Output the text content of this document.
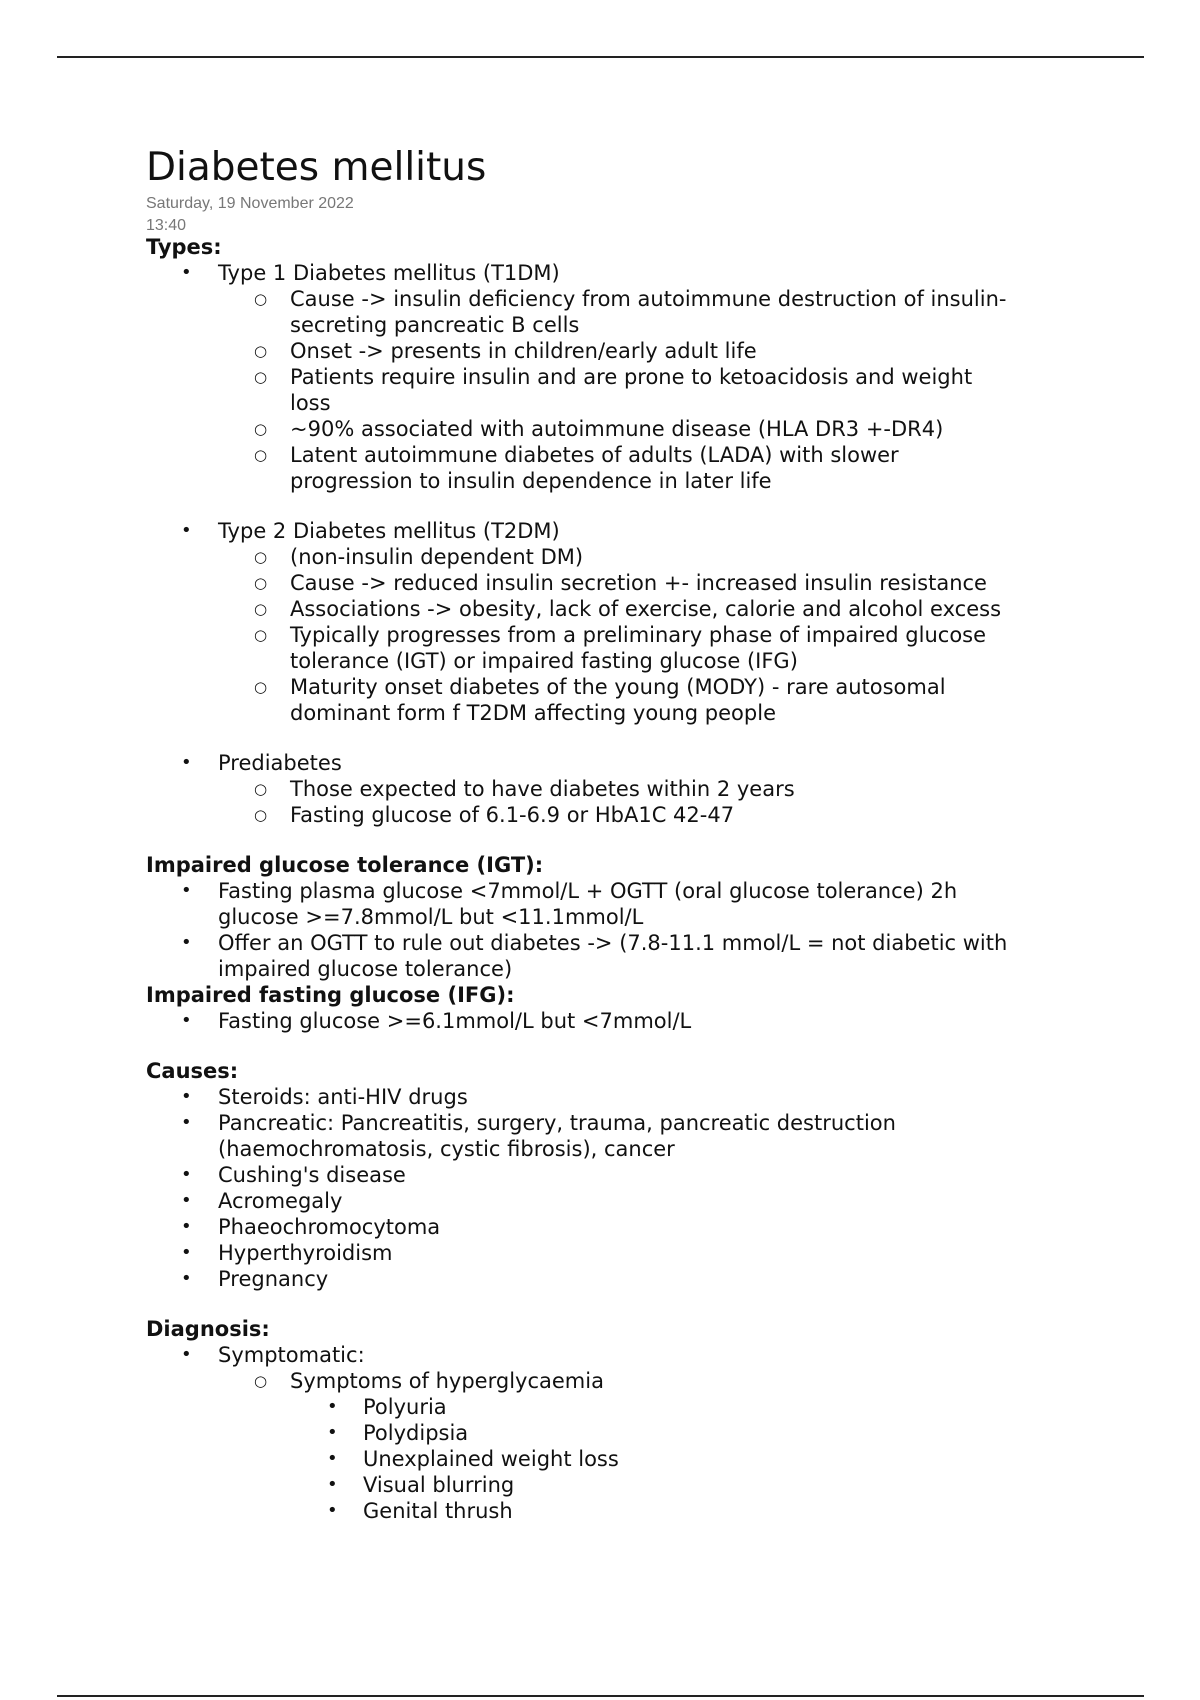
Diabetes mellitus

Saturday, 19 November 2022

13:40

Types:

• Type 1 Diabetes mellitus (T1DM)
○ Cause -> insulin deficiency from autoimmune destruction of insulin-
secreting pancreatic B cells
○ Onset -> presents in children/early adult life
○ Patients require insulin and are prone to ketoacidosis and weight
loss
○ ~90% associated with autoimmune disease (HLA DR3 +-DR4)
○ Latent autoimmune diabetes of adults (LADA) with slower
progression to insulin dependence in later life
• Type 2 Diabetes mellitus (T2DM)
○ (non-insulin dependent DM)
○ Cause -> reduced insulin secretion +- increased insulin resistance
○ Associations -> obesity, lack of exercise, calorie and alcohol excess
○ Typically progresses from a preliminary phase of impaired glucose
tolerance (IGT) or impaired fasting glucose (IFG)
○ Maturity onset diabetes of the young (MODY) - rare autosomal
dominant form f T2DM affecting young people
• Prediabetes
○ Those expected to have diabetes within 2 years
○ Fasting glucose of 6.1-6.9 or HbA1C 42-47

Impaired glucose tolerance (IGT):

• Fasting plasma glucose <7mmol/L + OGTT (oral glucose tolerance) 2h
glucose >=7.8mmol/L but <11.1mmol/L
• Offer an OGTT to rule out diabetes -> (7.8-11.1 mmol/L = not diabetic with
impaired glucose tolerance)

Impaired fasting glucose (IFG):

• Fasting glucose >=6.1mmol/L but <7mmol/L

Causes:

• Steroids: anti-HIV drugs
• Pancreatic: Pancreatitis, surgery, trauma, pancreatic destruction
(haemochromatosis, cystic fibrosis), cancer
• Cushing's disease
• Acromegaly
• Phaeochromocytoma
• Hyperthyroidism
• Pregnancy

Diagnosis:

• Symptomatic:
○ Symptoms of hyperglycaemia
• Polyuria
• Polydipsia
• Unexplained weight loss
• Visual blurring
• Genital thrush
